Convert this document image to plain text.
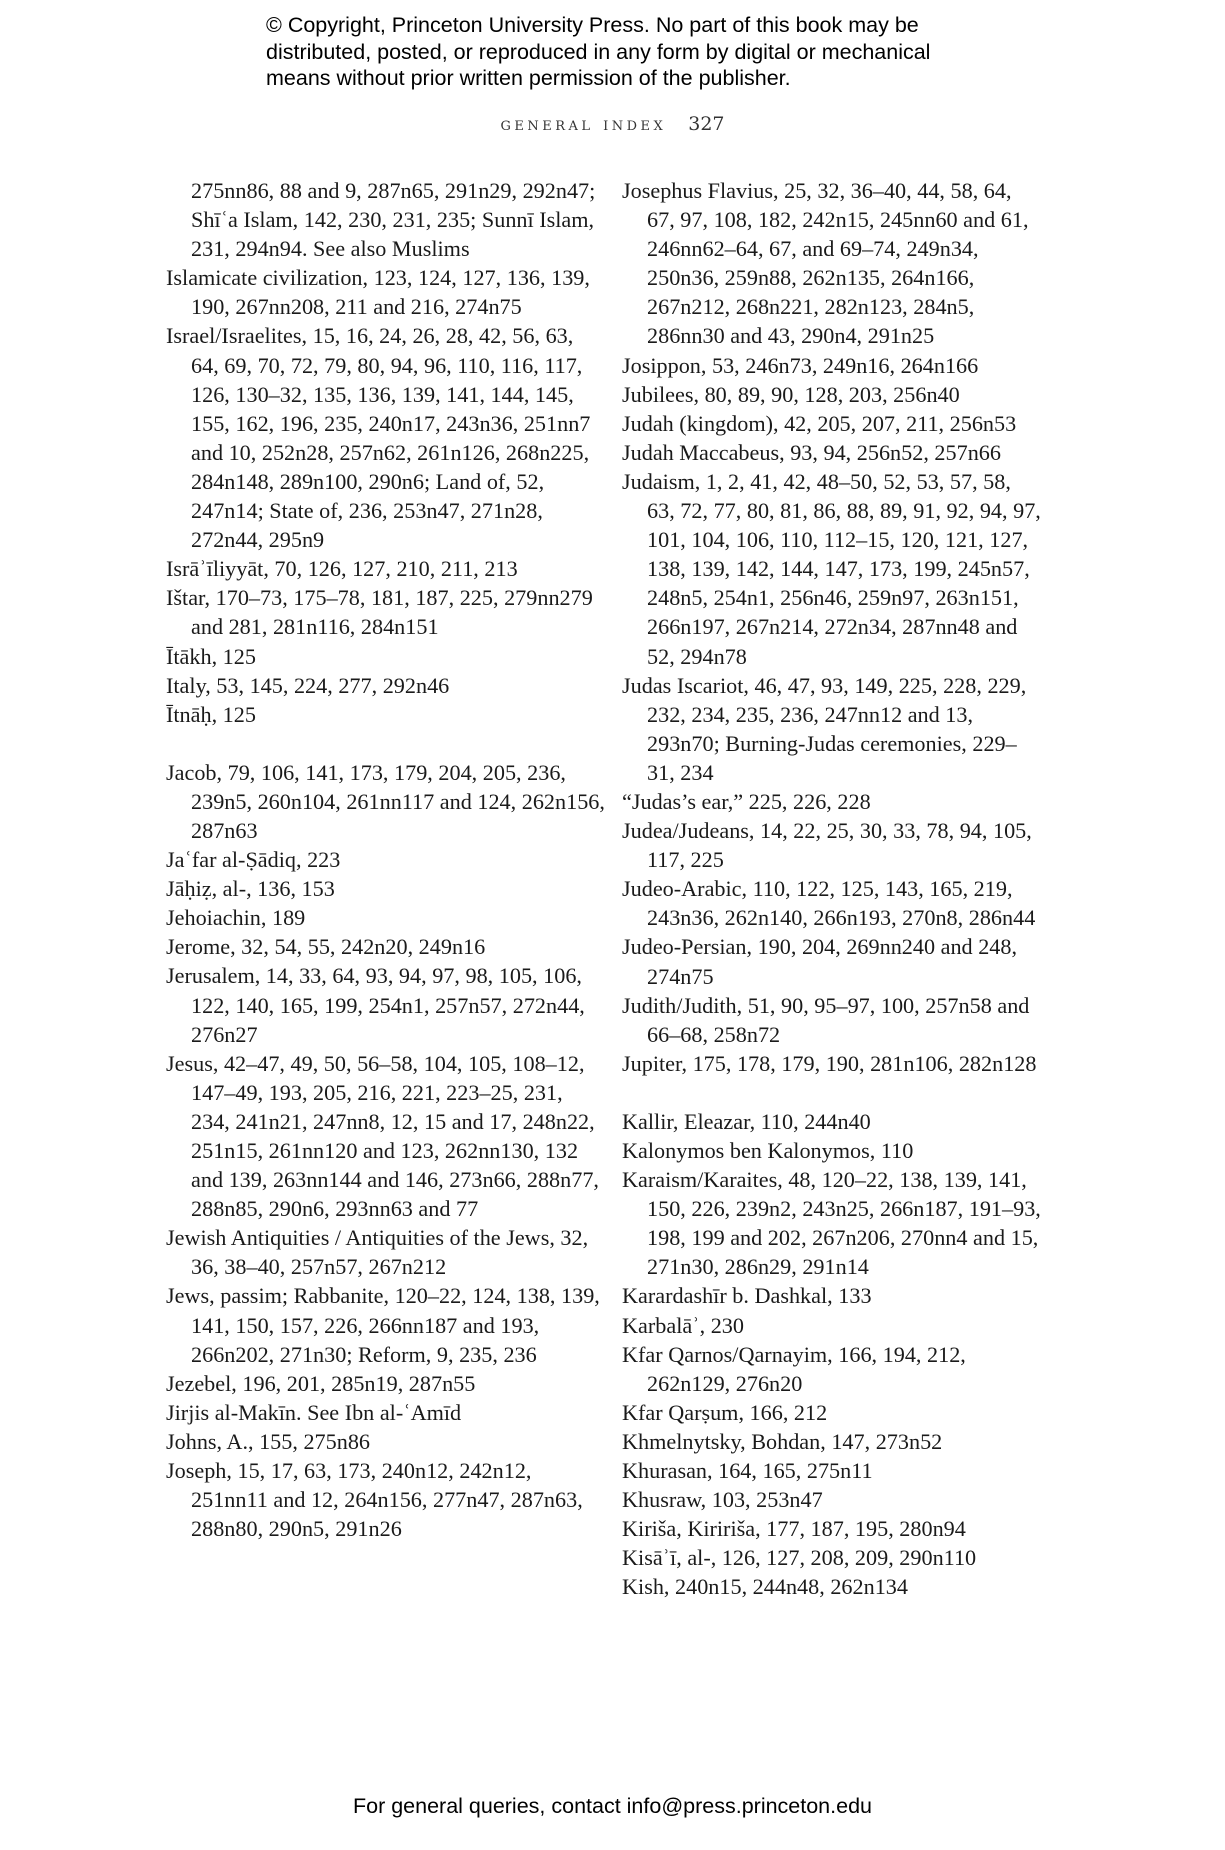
© Copyright, Princeton University Press. No part of this book may be
distributed, posted, or reproduced in any form by digital or mechanical
means without prior written permission of the publisher.
general index 327
275nn86, 88 and 9, 287n65, 291n29, 292n47; Shīʿa Islam, 142, 230, 231, 235; Sunnī Islam, 231, 294n94. See also Muslims
Islamicate civilization, 123, 124, 127, 136, 139, 190, 267nn208, 211 and 216, 274n75
Israel/Israelites, 15, 16, 24, 26, 28, 42, 56, 63, 64, 69, 70, 72, 79, 80, 94, 96, 110, 116, 117, 126, 130–32, 135, 136, 139, 141, 144, 145, 155, 162, 196, 235, 240n17, 243n36, 251nn7 and 10, 252n28, 257n62, 261n126, 268n225, 284n148, 289n100, 290n6; Land of, 52, 247n14; State of, 236, 253n47, 271n28, 272n44, 295n9
Isrāʾīliyyāt, 70, 126, 127, 210, 211, 213
Ištar, 170–73, 175–78, 181, 187, 225, 279nn279 and 281, 281n116, 284n151
Ītākh, 125
Italy, 53, 145, 224, 277, 292n46
Ītnāḥ, 125
Jacob, 79, 106, 141, 173, 179, 204, 205, 236, 239n5, 260n104, 261nn117 and 124, 262n156, 287n63
Jaʿfar al-Ṣādiq, 223
Jāḥiẓ, al-, 136, 153
Jehoiachin, 189
Jerome, 32, 54, 55, 242n20, 249n16
Jerusalem, 14, 33, 64, 93, 94, 97, 98, 105, 106, 122, 140, 165, 199, 254n1, 257n57, 272n44, 276n27
Jesus, 42–47, 49, 50, 56–58, 104, 105, 108–12, 147–49, 193, 205, 216, 221, 223–25, 231, 234, 241n21, 247nn8, 12, 15 and 17, 248n22, 251n15, 261nn120 and 123, 262nn130, 132 and 139, 263nn144 and 146, 273n66, 288n77, 288n85, 290n6, 293nn63 and 77
Jewish Antiquities / Antiquities of the Jews, 32, 36, 38–40, 257n57, 267n212
Jews, passim; Rabbanite, 120–22, 124, 138, 139, 141, 150, 157, 226, 266nn187 and 193, 266n202, 271n30; Reform, 9, 235, 236
Jezebel, 196, 201, 285n19, 287n55
Jirjis al-Makīn. See Ibn al-ʿAmīd
Johns, A., 155, 275n86
Joseph, 15, 17, 63, 173, 240n12, 242n12, 251nn11 and 12, 264n156, 277n47, 287n63, 288n80, 290n5, 291n26
Josephus Flavius, 25, 32, 36–40, 44, 58, 64, 67, 97, 108, 182, 242n15, 245nn60 and 61, 246nn62–64, 67, and 69–74, 249n34, 250n36, 259n88, 262n135, 264n166, 267n212, 268n221, 282n123, 284n5, 286nn30 and 43, 290n4, 291n25
Josippon, 53, 246n73, 249n16, 264n166
Jubilees, 80, 89, 90, 128, 203, 256n40
Judah (kingdom), 42, 205, 207, 211, 256n53
Judah Maccabeus, 93, 94, 256n52, 257n66
Judaism, 1, 2, 41, 42, 48–50, 52, 53, 57, 58, 63, 72, 77, 80, 81, 86, 88, 89, 91, 92, 94, 97, 101, 104, 106, 110, 112–15, 120, 121, 127, 138, 139, 142, 144, 147, 173, 199, 245n57, 248n5, 254n1, 256n46, 259n97, 263n151, 266n197, 267n214, 272n34, 287nn48 and 52, 294n78
Judas Iscariot, 46, 47, 93, 149, 225, 228, 229, 232, 234, 235, 236, 247nn12 and 13, 293n70; Burning-Judas ceremonies, 229–31, 234
“Judas’s ear,” 225, 226, 228
Judea/Judeans, 14, 22, 25, 30, 33, 78, 94, 105, 117, 225
Judeo-Arabic, 110, 122, 125, 143, 165, 219, 243n36, 262n140, 266n193, 270n8, 286n44
Judeo-Persian, 190, 204, 269nn240 and 248, 274n75
Judith/Judith, 51, 90, 95–97, 100, 257n58 and 66–68, 258n72
Jupiter, 175, 178, 179, 190, 281n106, 282n128
Kallir, Eleazar, 110, 244n40
Kalonymos ben Kalonymos, 110
Karaism/Karaites, 48, 120–22, 138, 139, 141, 150, 226, 239n2, 243n25, 266n187, 191–93, 198, 199 and 202, 267n206, 270nn4 and 15, 271n30, 286n29, 291n14
Karardashīr b. Dashkal, 133
Karbalāʾ, 230
Kfar Qarnos/Qarnayim, 166, 194, 212, 262n129, 276n20
Kfar Qarṣum, 166, 212
Khmelnytsky, Bohdan, 147, 273n52
Khurasan, 164, 165, 275n11
Khusraw, 103, 253n47
Kiriša, Kiririša, 177, 187, 195, 280n94
Kisāʾī, al-, 126, 127, 208, 209, 290n110
Kish, 240n15, 244n48, 262n134
For general queries, contact info@press.princeton.edu
